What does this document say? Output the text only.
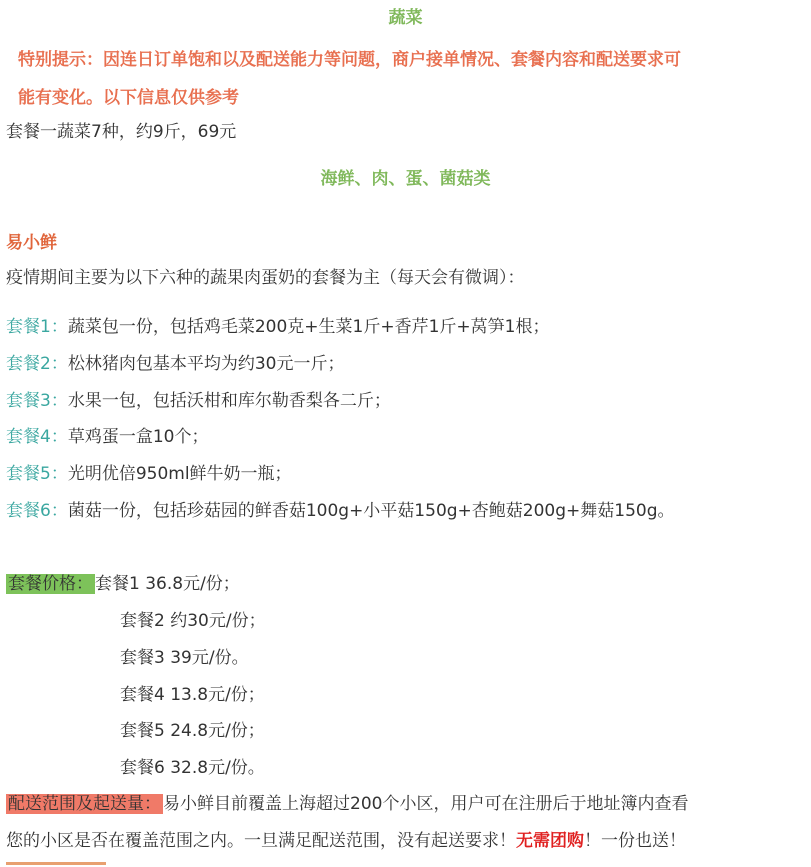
蔬菜
特别提示：因连日订单饱和以及配送能力等问题，商户接单情况、套餐内容和配送要求可
能有变化。以下信息仅供参考
套餐一蔬菜7种，约9斤，69元
海鲜、肉、蛋、菌菇类
易小鲜
疫情期间主要为以下六种的蔬果肉蛋奶的套餐为主（每天会有微调）：
套餐1：蔬菜包一份，包括鸡毛菜200克+生菜1斤+香芹1斤+莴笋1根；
套餐2：松林猪肉包基本平均为约30元一斤；
套餐3：水果一包，包括沃柑和库尔勒香梨各二斤；
套餐4：草鸡蛋一盒10个；
套餐5：光明优倍950ml鲜牛奶一瓶；
套餐6：菌菇一份，包括珍菇园的鲜香菇100g+小平菇150g+杏鲍菇200g+舞菇150g。
套餐价格： 套餐1 36.8元/份；
套餐2 约30元/份；
套餐3 39元/份。
套餐4 13.8元/份；
套餐5 24.8元/份；
套餐6 32.8元/份。
配送范围及起送量： 易小鲜目前覆盖上海超过200个小区，用户可在注册后于地址簿内查看
您的小区是否在覆盖范围之内。一旦满足配送范围，没有起送要求！无需团购！一份也送！
